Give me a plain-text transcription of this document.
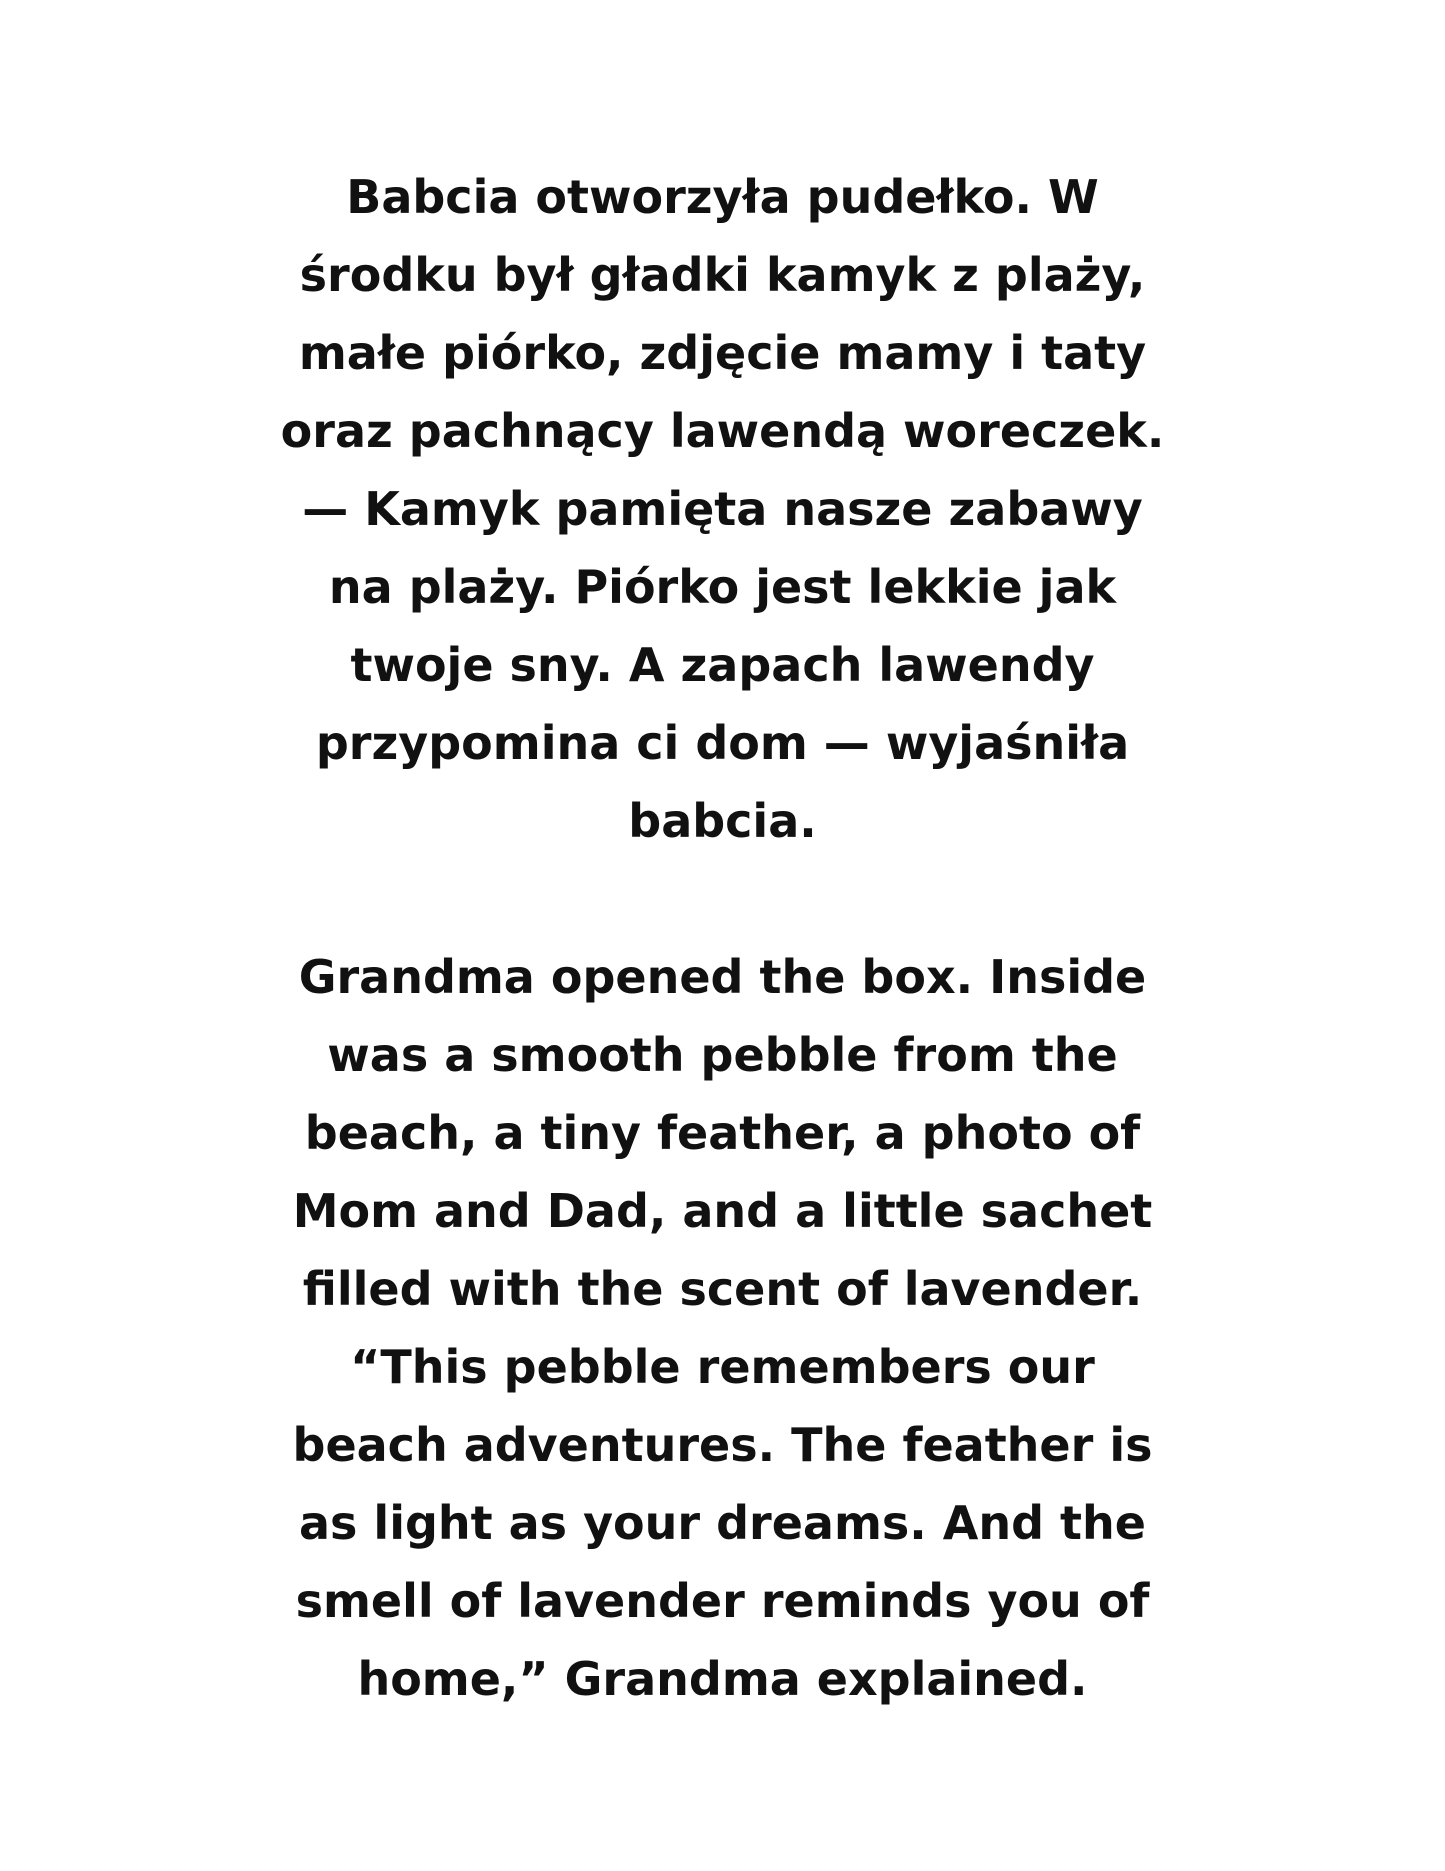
Babcia otworzyła pudełko. W
środku był gładki kamyk z plaży,
małe piórko, zdjęcie mamy i taty
oraz pachnący lawendą woreczek.
— Kamyk pamięta nasze zabawy
na plaży. Piórko jest lekkie jak
twoje sny. A zapach lawendy
przypomina ci dom — wyjaśniła
babcia.

Grandma opened the box. Inside
was a smooth pebble from the
beach, a tiny feather, a photo of
Mom and Dad, and a little sachet
filled with the scent of lavender.
“This pebble remembers our
beach adventures. The feather is
as light as your dreams. And the
smell of lavender reminds you of
home,” Grandma explained.
